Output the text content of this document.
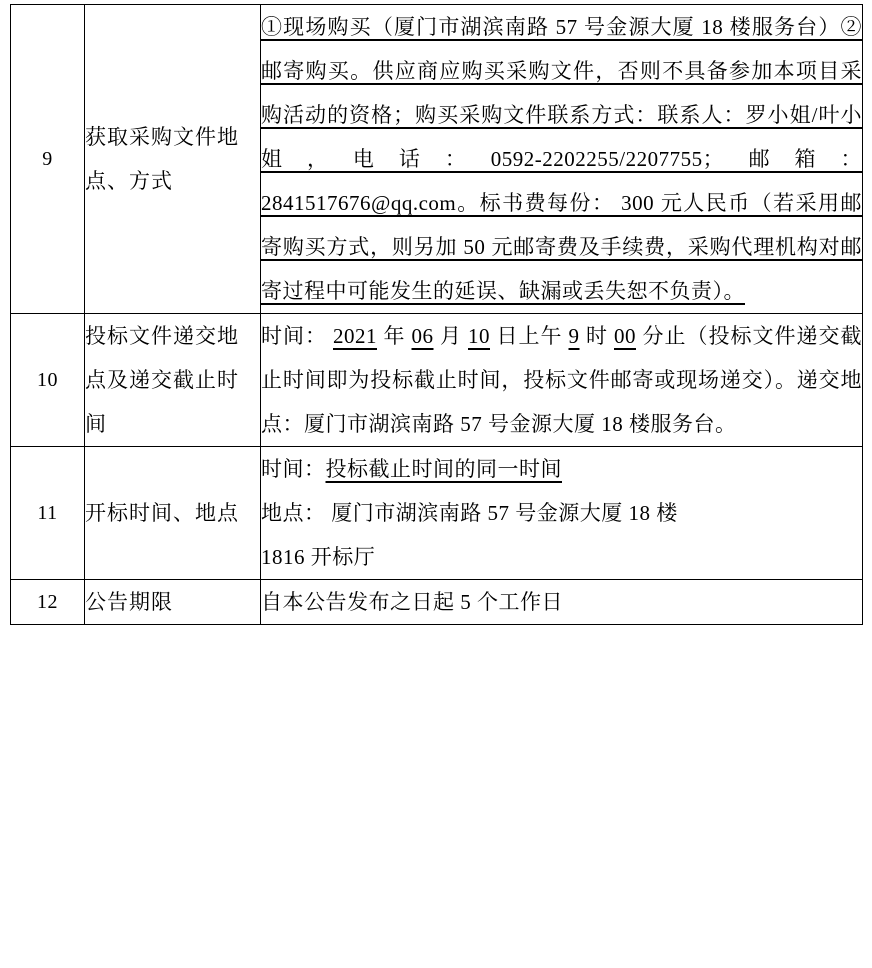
9	获取采购文件地点、方式	①现场购买（厦门市湖滨南路 57 号金源大厦 18 楼服务台）②邮寄购买。供应商应购买采购文件，否则不具备参加本项目采购活动的资格；购买采购文件联系方式：联系人：罗小姐/叶小姐，电话：0592-2202255/2207755；邮箱：2841517676@qq.com。标书费每份： 300 元人民币（若采用邮寄购买方式，则另加 50 元邮寄费及手续费，采购代理机构对邮寄过程中可能发生的延误、缺漏或丢失恕不负责）。
10	投标文件递交地点及递交截止时间	时间： 2021 年 06 月 10 日上午 9 时 00 分止（投标文件递交截止时间即为投标截止时间，投标文件邮寄或现场递交）。递交地点：厦门市湖滨南路 57 号金源大厦 18 楼服务台。
11	开标时间、地点	时间：投标截止时间的同一时间
地点： 厦门市湖滨南路 57 号金源大厦 18 楼
1816 开标厅

12	公告期限	自本公告发布之日起 5 个工作日
